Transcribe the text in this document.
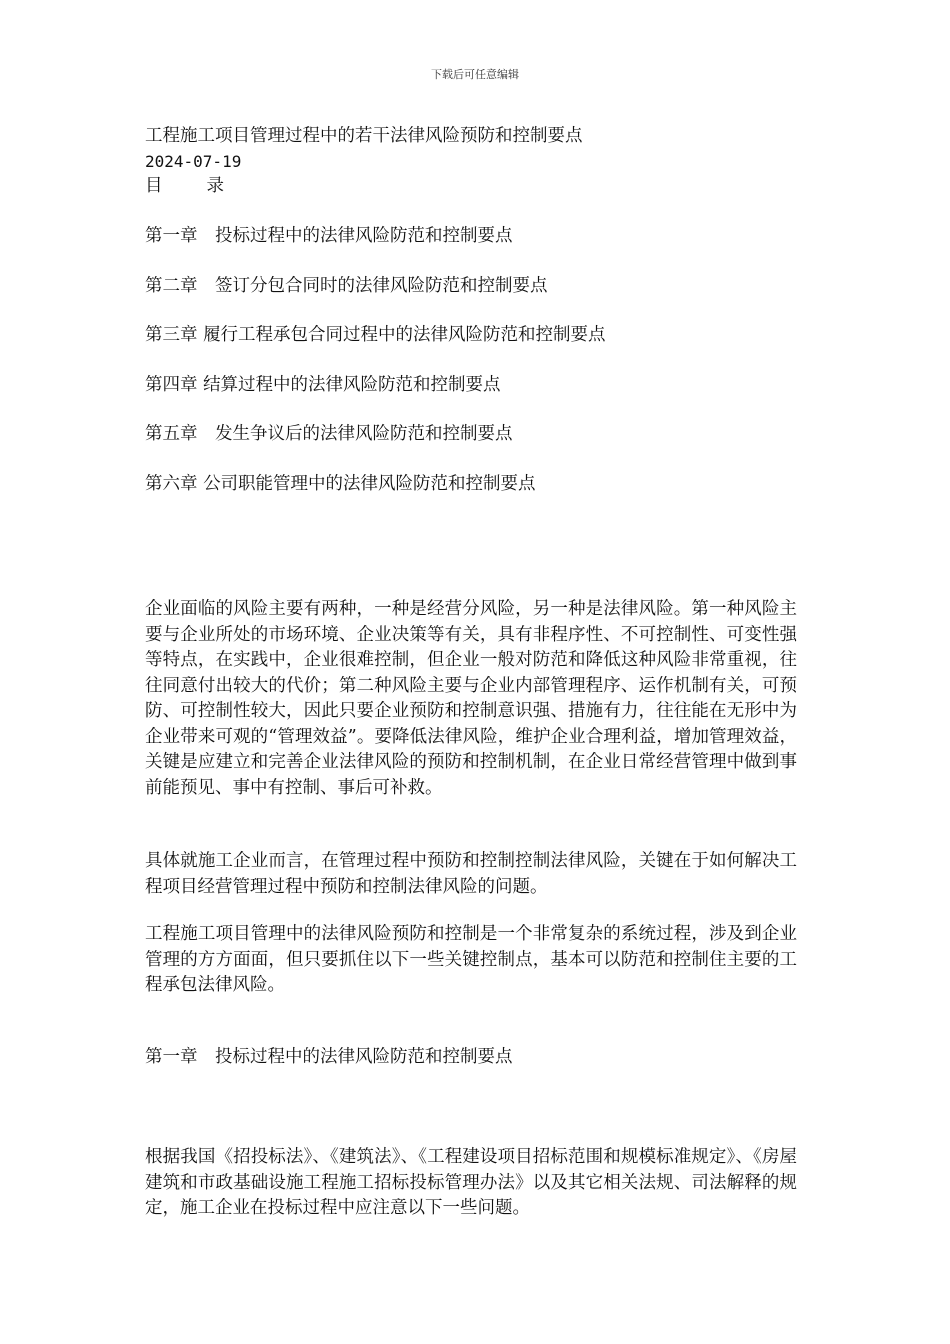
下载后可任意编辑
工程施工项目管理过程中的若干法律风险预防和控制要点
2024-07-19
目	录
第一章　投标过程中的法律风险防范和控制要点
第二章　签订分包合同时的法律风险防范和控制要点
第三章 履行工程承包合同过程中的法律风险防范和控制要点
第四章 结算过程中的法律风险防范和控制要点
第五章　发生争议后的法律风险防范和控制要点
第六章 公司职能管理中的法律风险防范和控制要点
企业面临的风险主要有两种，一种是经营分风险，另一种是法律风险。第一种风险主要与企业所处的市场环境、企业决策等有关，具有非程序性、不可控制性、可变性强等特点，在实践中，企业很难控制，但企业一般对防范和降低这种风险非常重视，往往同意付出较大的代价；第二种风险主要与企业内部管理程序、运作机制有关，可预防、可控制性较大，因此只要企业预防和控制意识强、措施有力，往往能在无形中为企业带来可观的“管理效益”。要降低法律风险，维护企业合理利益，增加管理效益，关键是应建立和完善企业法律风险的预防和控制机制，在企业日常经营管理中做到事前能预见、事中有控制、事后可补救。
具体就施工企业而言，在管理过程中预防和控制控制法律风险，关键在于如何解决工程项目经营管理过程中预防和控制法律风险的问题。
工程施工项目管理中的法律风险预防和控制是一个非常复杂的系统过程，涉及到企业管理的方方面面，但只要抓住以下一些关键控制点，基本可以防范和控制住主要的工程承包法律风险。
第一章　投标过程中的法律风险防范和控制要点
根据我国《招投标法》、《建筑法》、《工程建设项目招标范围和规模标准规定》、《房屋建筑和市政基础设施工程施工招标投标管理办法》以及其它相关法规、司法解释的规定，施工企业在投标过程中应注意以下一些问题。
